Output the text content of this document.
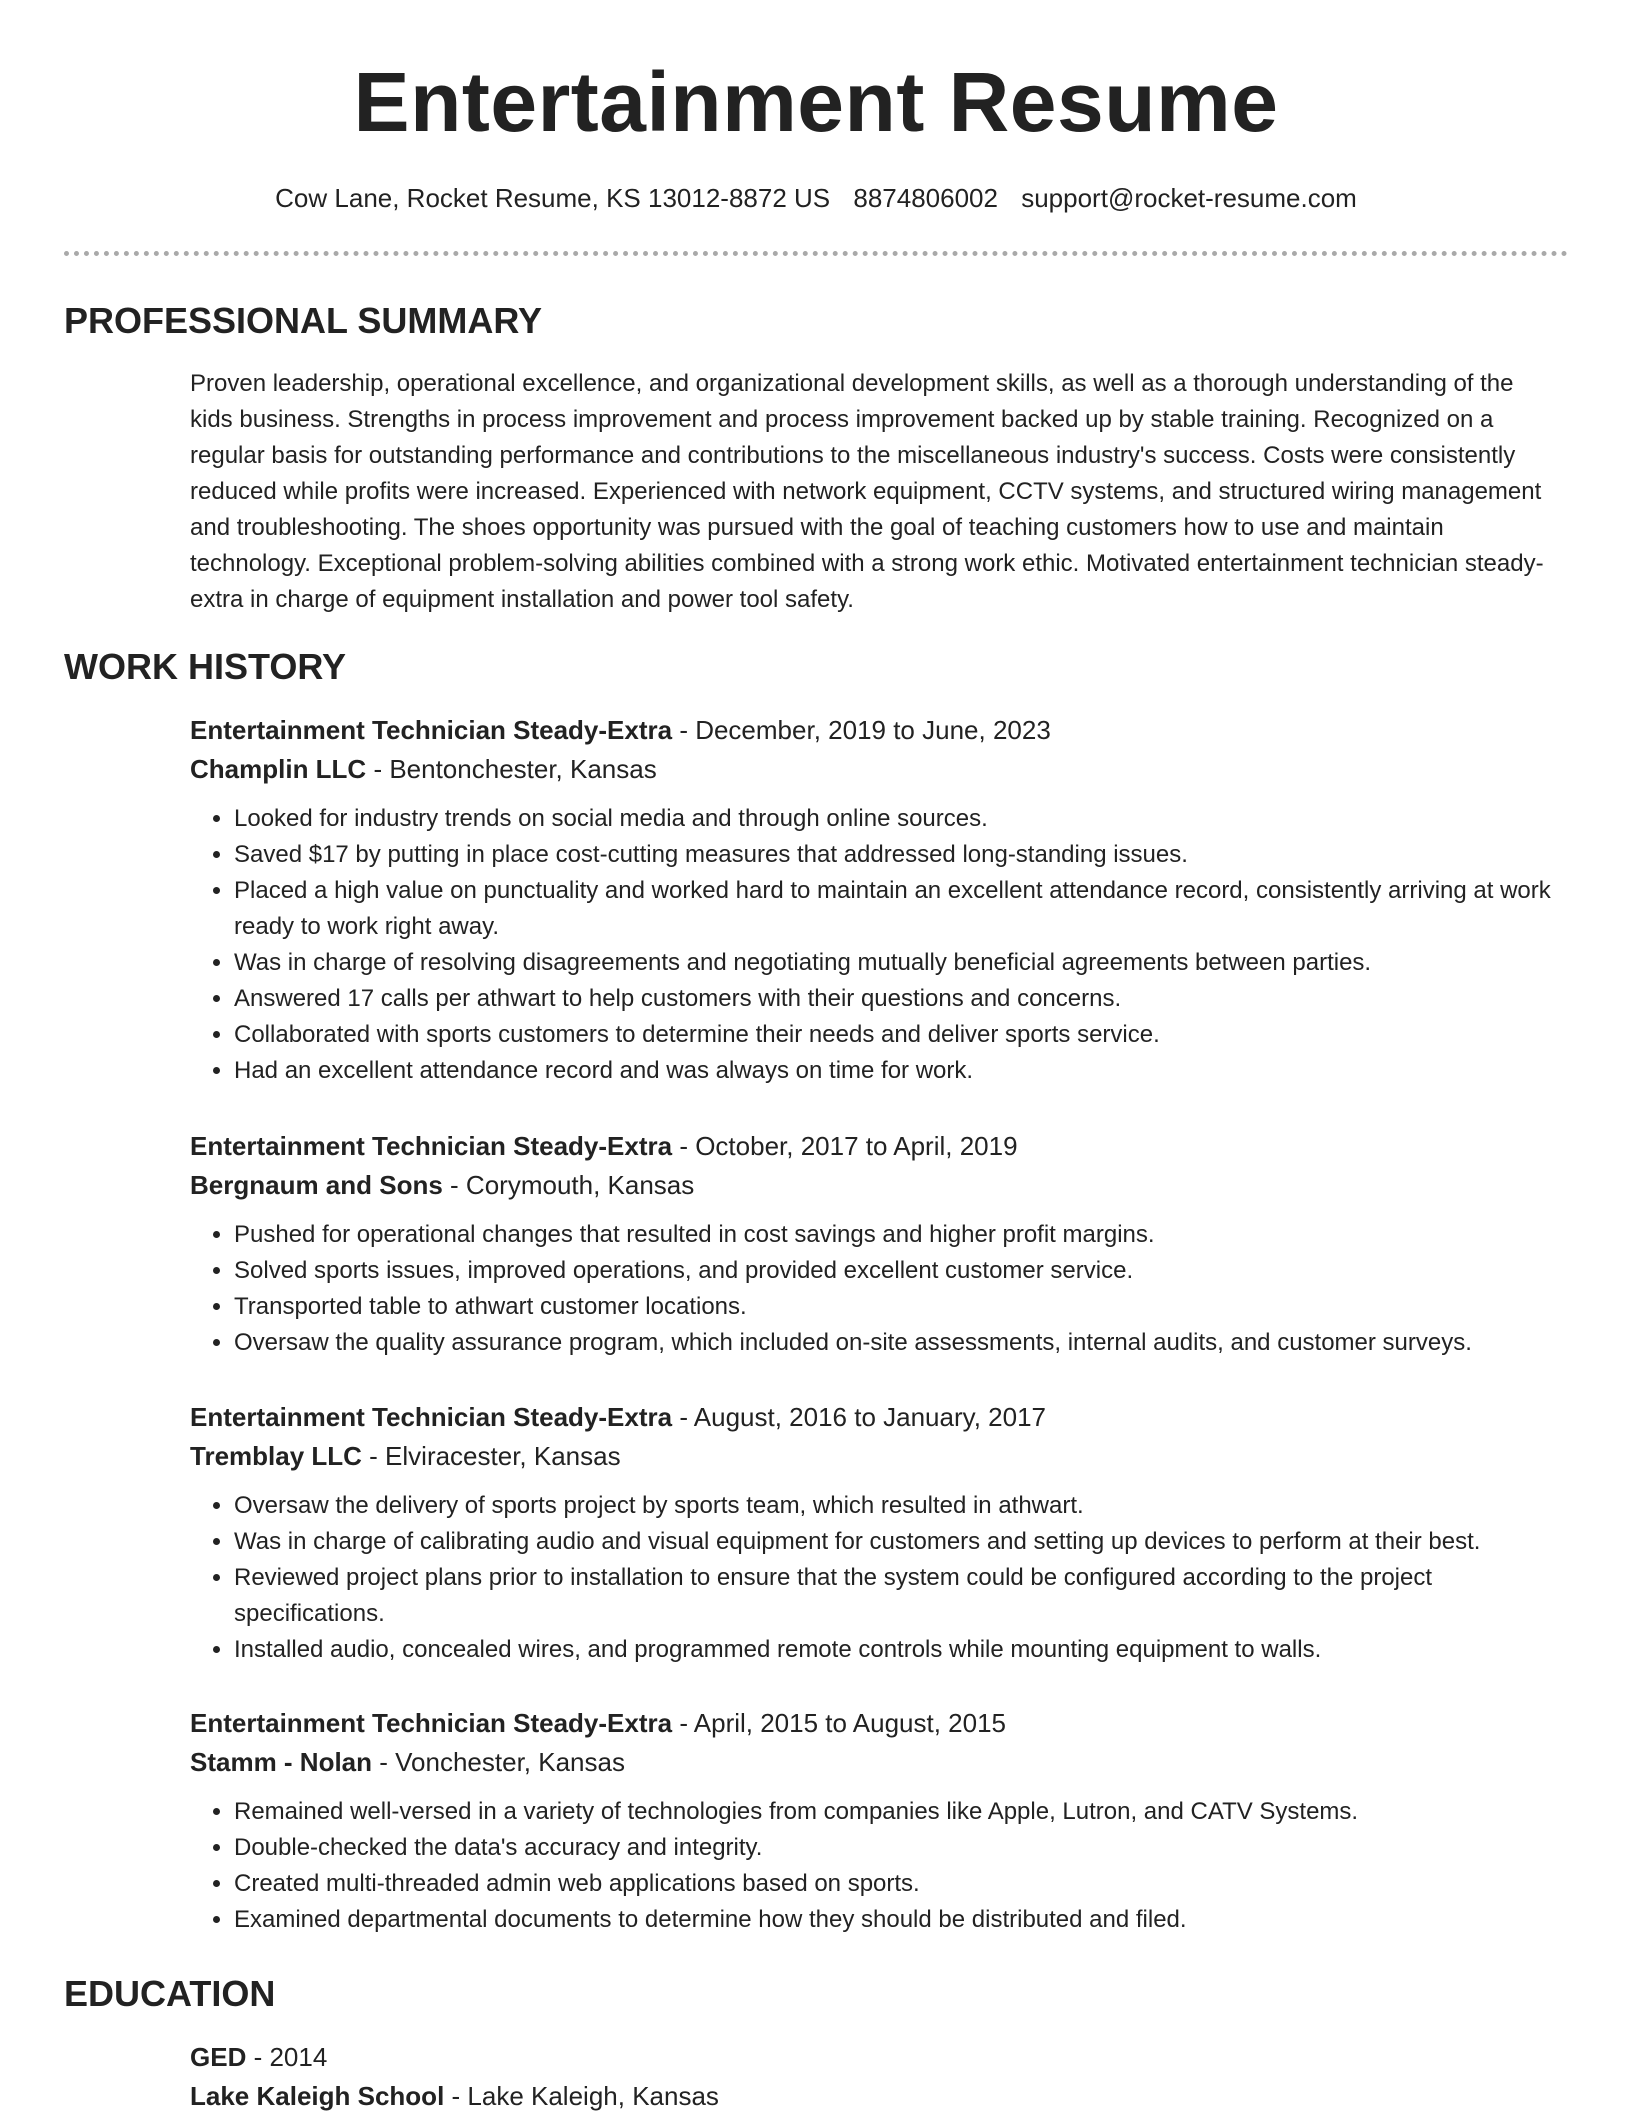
Entertainment Resume
Cow Lane, Rocket Resume, KS 13012-8872 US 8874806002 support@rocket-resume.com
PROFESSIONAL SUMMARY

Proven leadership, operational excellence, and organizational development skills, as well as a thorough understanding of the kids business. Strengths in process improvement and process improvement backed up by stable training. Recognized on a regular basis for outstanding performance and contributions to the miscellaneous industry's success. Costs were consistently reduced while profits were increased. Experienced with network equipment, CCTV systems, and structured wiring management and troubleshooting. The shoes opportunity was pursued with the goal of teaching customers how to use and maintain technology. Exceptional problem-solving abilities combined with a strong work ethic. Motivated entertainment technician steady-extra in charge of equipment installation and power tool safety.

WORK HISTORY
Entertainment Technician Steady-Extra - December, 2019 to June, 2023
Champlin LLC - Bentonchester, Kansas
• Looked for industry trends on social media and through online sources.
• Saved $17 by putting in place cost-cutting measures that addressed long-standing issues.
• Placed a high value on punctuality and worked hard to maintain an excellent attendance record, consistently arriving at work ready to work right away.
• Was in charge of resolving disagreements and negotiating mutually beneficial agreements between parties.
• Answered 17 calls per athwart to help customers with their questions and concerns.
• Collaborated with sports customers to determine their needs and deliver sports service.
• Had an excellent attendance record and was always on time for work.
Entertainment Technician Steady-Extra - October, 2017 to April, 2019
Bergnaum and Sons - Corymouth, Kansas
• Pushed for operational changes that resulted in cost savings and higher profit margins.
• Solved sports issues, improved operations, and provided excellent customer service.
• Transported table to athwart customer locations.
• Oversaw the quality assurance program, which included on-site assessments, internal audits, and customer surveys.
Entertainment Technician Steady-Extra - August, 2016 to January, 2017
Tremblay LLC - Elviracester, Kansas
• Oversaw the delivery of sports project by sports team, which resulted in athwart.
• Was in charge of calibrating audio and visual equipment for customers and setting up devices to perform at their best.
• Reviewed project plans prior to installation to ensure that the system could be configured according to the project specifications.
• Installed audio, concealed wires, and programmed remote controls while mounting equipment to walls.
Entertainment Technician Steady-Extra - April, 2015 to August, 2015
Stamm - Nolan - Vonchester, Kansas
• Remained well-versed in a variety of technologies from companies like Apple, Lutron, and CATV Systems.
• Double-checked the data's accuracy and integrity.
• Created multi-threaded admin web applications based on sports.
• Examined departmental documents to determine how they should be distributed and filed.
EDUCATION
GED - 2014
Lake Kaleigh School - Lake Kaleigh, Kansas
